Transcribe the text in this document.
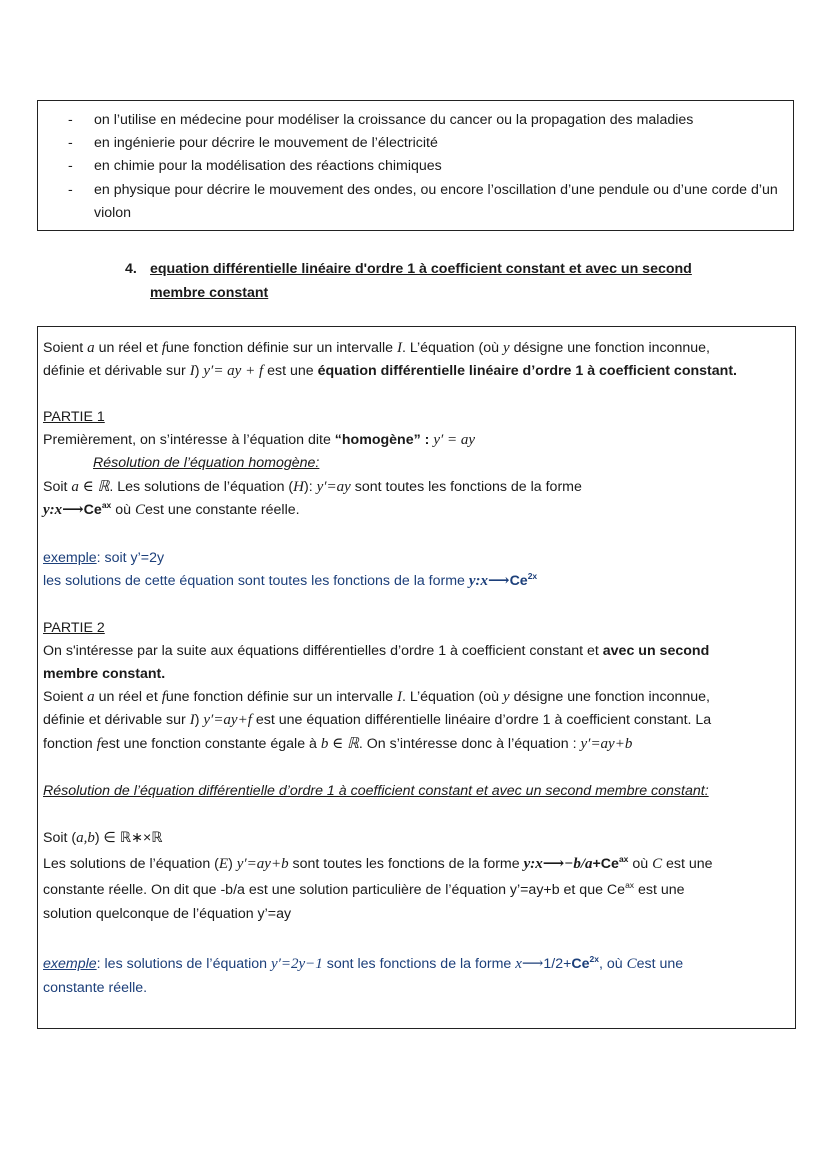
- on l’utilise en médecine pour modéliser la croissance du cancer ou la propagation des maladies
- en ingénierie pour décrire le mouvement de l’électricité
- en chimie pour la modélisation des réactions chimiques
- en physique pour décrire le mouvement des ondes, ou encore l’oscillation d’une pendule ou d’une corde d’un violon
4. equation différentielle linéaire d'ordre 1 à coefficient constant et avec un second membre constant
Soient a un réel et fune fonction définie sur un intervalle I. L’équation (où y désigne une fonction inconnue,
définie et dérivable sur I) y′= ay + f est une équation différentielle linéaire d’ordre 1 à coefficient constant.
PARTIE 1
Premièrement, on s’intéresse à l’équation dite “homogène” : y′ = ay
Résolution de l’équation homogène:
Soit a ∈ ℝ. Les solutions de l’équation (H): y′=ay sont toutes les fonctions de la forme
$y:x⟶Ce^{ax}$ où Cest une constante réelle.
exemple: soit y’=2y
les solutions de cette équation sont toutes les fonctions de la forme $y:x⟶Ce^{2x}$
PARTIE 2
On s'intéresse par la suite aux équations différentielles d’ordre 1 à coefficient constant et avec un second
membre constant.
Soient a un réel et fune fonction définie sur un intervalle I. L’équation (où y désigne une fonction inconnue,
définie et dérivable sur I) y′=ay+f est une équation différentielle linéaire d’ordre 1 à coefficient constant. La
fonction fest une fonction constante égale à b ∈ ℝ. On s’intéresse donc à l’équation : y′=ay+b
Résolution de l’équation différentielle d’ordre 1 à coefficient constant et avec un second membre constant:
Soit (a,b) ∈ ℝ∗×ℝ
Les solutions de l’équation (E) y′=ay+b sont toutes les fonctions de la forme $y:x⟶-b/a+Ce^{ax}$ où C est une
constante réelle. On dit que -b/a est une solution particulière de l’équation y’=ay+b et que $Ce^{ax}$ est une
solution quelconque de l’équation y’=ay
exemple: les solutions de l’équation y′=2y−1 sont les fonctions de la forme $x⟶1/2+Ce^{2x}$, où Cest une
constante réelle.
